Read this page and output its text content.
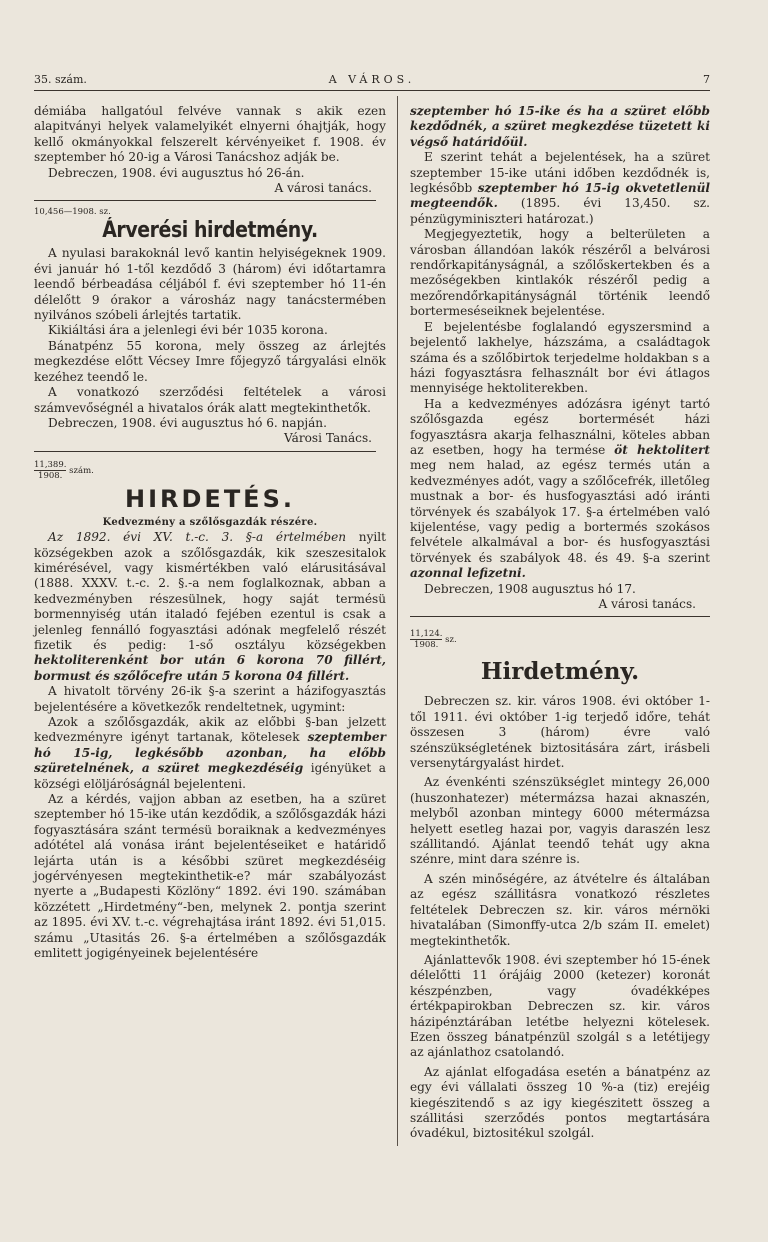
35. szám.	A VÁROS.	7

démiába hallgatóul felvéve vannak s akik ezen alapitványi helyek valamelyikét elnyerni óhajtják, hogy kellő okmányokkal felszerelt kérvényeiket f. 1908. év szeptember hó 20-ig a Városi Tanácshoz adják be.

Debreczen, 1908. évi augusztus hó 26-án.

A városi tanács.

10,456—1908. sz.

Árverési hirdetmény.

A nyulasi barakoknál levő kantin helyiségeknek 1909. évi január hó 1-től kezdődő 3 (három) évi időtartamra leendő bérbeadása céljából f. évi szeptember hó 11-én délelőtt 9 órakor a városház nagy tanácstermében nyilvános szóbeli árlejtés tartatik.

Kikiáltási ára a jelenlegi évi bér 1035 korona.

Bánatpénz 55 korona, mely összeg az árlejtés megkezdése előtt Vécsey Imre főjegyző tárgyalási elnök kezéhez teendő le.

A vonatkozó szerződési feltételek a városi számvevőségnél a hivatalos órák alatt megtekinthetők.

Debreczen, 1908. évi augusztus hó 6. napján.

Városi Tanács.

$\frac{11,389.}{1908.}$ szám.

HIRDETÉS.

Kedvezmény a szőlősgazdák részére.

Az 1892. évi XV. t.-c. 3. §-a értelmében nyilt községekben azok a szőlősgazdák, kik szeszesitalok kimérésével, vagy kismértékben való elárusitásával (1888. XXXV. t.-c. 2. §.-a nem foglalkoznak, abban a kedvezményben részesülnek, hogy saját termésü bormennyiség után italadó fejében ezentul is csak a jelenleg fennálló fogyasztási adónak megfelelő részét fizetik és pedig: 1-ső osztályu községekben hektoliterenként bor után 6 korona 70 fillért, bormust és szőlőcefre után 5 korona 04 fillért.

A hivatolt törvény 26-ik §-a szerint a házifogyasztás bejelentésére a következők rendeltetnek, ugymint:

Azok a szőlősgazdák, akik az előbbi §-ban jelzett kedvezményre igényt tartanak, kötelesek szeptember hó 15-ig, legkésőbb azonban, ha előbb szüretelnének, a szüret megkezdéséig igényüket a községi elöljáróságnál bejelenteni.

Az a kérdés, vajjon abban az esetben, ha a szüret szeptember hó 15-ike után kezdődik, a szőlősgazdák házi fogyasztására szánt termésü boraiknak a kedvezményes adótétel alá vonása iránt bejelentéseiket e határidő lejárta után is a későbbi szüret megkezdéséig jogérvényesen megtekinthetik-e? már szabályozást nyerte a „Budapesti Közlöny“ 1892. évi 190. számában közzétett „Hirdetmény“-ben, melynek 2. pontja szerint az 1895. évi XV. t.-c. végrehajtása iránt 1892. évi 51,015. számu „Utasitás 26. §-a értelmében a szőlősgazdák emlitett jogigényeinek bejelentésére

szeptember hó 15-ike és ha a szüret előbb kezdődnék, a szüret megkezdése tüzetett ki végső határidőül.

E szerint tehát a bejelentések, ha a szüret szeptember 15-ike utáni időben kezdődnék is, legkésőbb szeptember hó 15-ig okvetetlenül megteendők. (1895. évi 13,450. sz. pénzügyminiszteri határozat.)

Megjegyeztetik, hogy a belterületen a városban állandóan lakók részéről a belvárosi rendőrkapitányságnál, a szőlőskertekben és a mezőségekben kintlakók részéről pedig a mezőrendőrkapitányságnál történik leendő bortermeséseiknek bejelentése.

E bejelentésbe foglalandó egyszersmind a bejelentő lakhelye, házszáma, a családtagok száma és a szőlőbirtok terjedelme holdakban s a házi fogyasztásra felhasznált bor évi átlagos mennyisége hektoliterekben.

Ha a kedvezményes adózásra igényt tartó szőlősgazda egész bortermését házi fogyasztásra akarja felhasználni, köteles abban az esetben, hogy ha termése öt hektolitert meg nem halad, az egész termés után a kedvezményes adót, vagy a szőlőcefrék, illetőleg mustnak a bor- és husfogyasztási adó iránti törvények és szabályok 17. §-a értelmében való kijelentése, vagy pedig a bortermés szokásos felvétele alkalmával a bor- és husfogyasztási törvények és szabályok 48. és 49. §-a szerint azonnal lefizetni.

Debreczen, 1908 augusztus hó 17.

A városi tanács.

$\frac{11,124.}{1908.}$ sz.

Hirdetmény.

Debreczen sz. kir. város 1908. évi október 1-től 1911. évi október 1-ig terjedő időre, tehát összesen 3 (három) évre való szénszükségletének biztositására zárt, irásbeli versenytárgyalást hirdet.

Az évenkénti szénszükséglet mintegy 26,000 (huszonhatezer) métermázsa hazai aknaszén, melyből azonban mintegy 6000 métermázsa helyett esetleg hazai por, vagyis daraszén lesz szállitandó. Ajánlat teendő tehát ugy akna szénre, mint dara szénre is.

A szén minőségére, az átvételre és általában az egész szállitásra vonatkozó részletes feltételek Debreczen sz. kir. város mérnöki hivatalában (Simonffy-utca 2/b szám II. emelet) megtekinthetők.

Ajánlattevők 1908. évi szeptember hó 15-ének délelőtti 11 órájáig 2000 (ketezer) koronát készpénzben, vagy óvadékképes értékpapirokban Debreczen sz. kir. város házipénztárában letétbe helyezni kötelesek. Ezen összeg bánatpénzül szolgál s a letétijegy az ajánlathoz csatolandó.

Az ajánlat elfogadása esetén a bánatpénz az egy évi vállalati összeg 10 %-a (tiz) erejéig kiegészitendő s az igy kiegészitett összeg a szállitási szerződés pontos megtartására óvadékul, biztositékul szolgál.
